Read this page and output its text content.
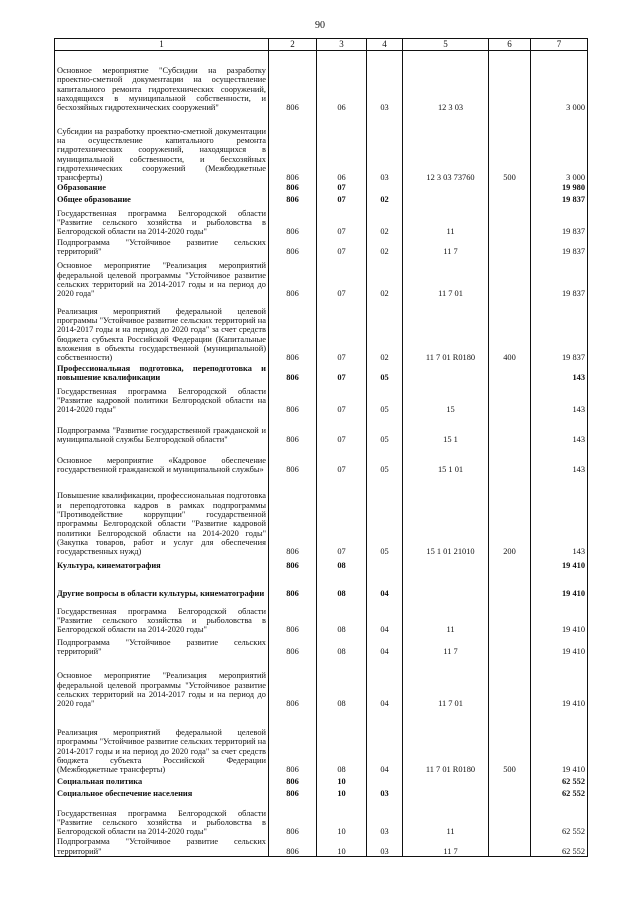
90
1	2	3	4	5	6	7
Основное мероприятие "Субсидии на разработку проектно-сметной документации на осуществление капитального ремонта гидротехнических сооружений, находящихся в муниципальной собственности, и бесхозяйных гидротехнических сооружений"	806	06	03	12 3 03		3 000
Субсидии на разработку проектно-сметной документации на осуществление капитального ремонта гидротехнических сооружений, находящихся в муниципальной собственности, и бесхозяйных гидротехнических сооружений (Межбюджетные трансферты)	806	06	03	12 3 03 73760	500	3 000
Образование	806	07				19 980
Общее образование	806	07	02			19 837
Государственная программа Белгородской области "Развитие сельского хозяйства и рыболовства в Белгородской области на 2014-2020 годы"	806	07	02	11		19 837
Подпрограмма "Устойчивое развитие сельских территорий"	806	07	02	11 7		19 837
Основное мероприятие "Реализация мероприятий федеральной целевой программы "Устойчивое развитие сельских территорий на 2014-2017 годы и на период до 2020 года"	806	07	02	11 7 01		19 837
Реализация мероприятий федеральной целевой программы "Устойчивое развитие сельских территорий на 2014-2017 годы и на период до 2020 года" за счет средств бюджета субъекта Российской Федерации (Капитальные вложения в объекты государственной (муниципальной) собственности)	806	07	02	11 7 01 R0180	400	19 837
Профессиональная подготовка, переподготовка и повышение квалификации	806	07	05			143
Государственная программа Белгородской области "Развитие кадровой политики Белгородской области на 2014-2020 годы"	806	07	05	15		143
Подпрограмма "Развитие государственной гражданской и муниципальной службы Белгородской области"	806	07	05	15 1		143
Основное мероприятие «Кадровое обеспечение государственной гражданской и муниципальной службы»	806	07	05	15 1 01		143
Повышение квалификации, профессиональная подготовка и переподготовка кадров в рамках подпрограммы "Противодействие коррупции" государственной программы Белгородской области "Развитие кадровой политики Белгородской области на 2014-2020 годы" (Закупка товаров, работ и услуг для обеспечения государственных нужд)	806	07	05	15 1 01 21010	200	143
Культура, кинематография	806	08				19 410
Другие вопросы в области культуры, кинематографии	806	08	04			19 410
Государственная программа Белгородской области "Развитие сельского хозяйства и рыболовства в Белгородской области на 2014-2020 годы"	806	08	04	11		19 410
Подпрограмма "Устойчивое развитие сельских территорий"	806	08	04	11 7		19 410
Основное мероприятие "Реализация мероприятий федеральной целевой программы "Устойчивое развитие сельских территорий на 2014-2017 годы и на период до 2020 года"	806	08	04	11 7 01		19 410
Реализация мероприятий федеральной целевой программы "Устойчивое развитие сельских территорий на 2014-2017 годы и на период до 2020 года" за счет средств бюджета субъекта Российской Федерации (Межбюджетные трансферты)	806	08	04	11 7 01 R0180	500	19 410
Социальная политика	806	10				62 552
Социальное обеспечение населения	806	10	03			62 552
Государственная программа Белгородской области "Развитие сельского хозяйства и рыболовства в Белгородской области на 2014-2020 годы"	806	10	03	11		62 552
Подпрограмма "Устойчивое развитие сельских территорий"	806	10	03	11 7		62 552
